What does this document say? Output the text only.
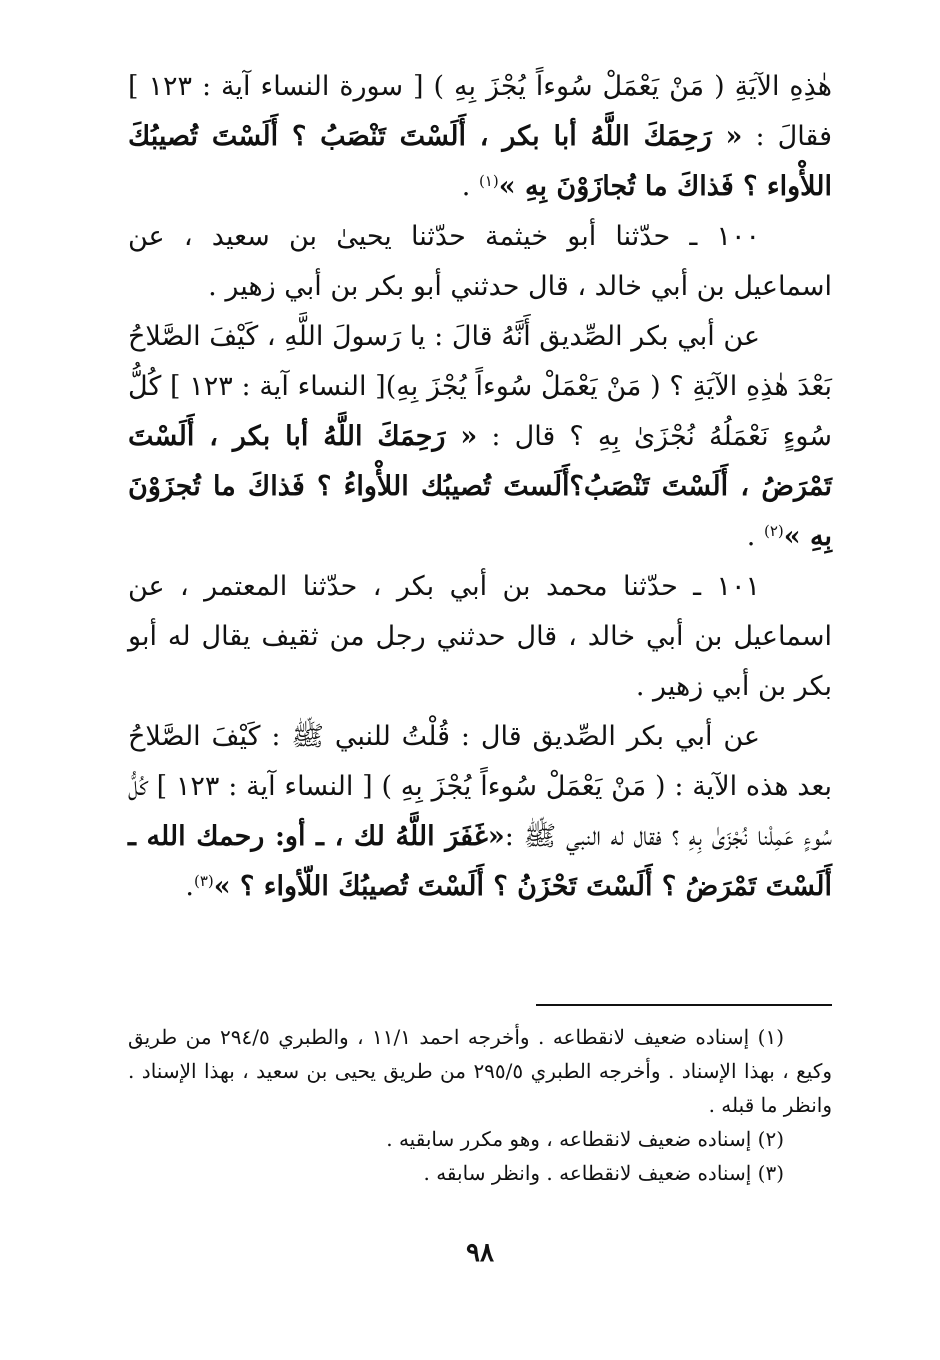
هٰذِهِ الآيَةِ ( مَنْ يَعْمَلْ سُوءاً يُجْزَ بِهِ ) [ سورة النساء آية : ١٢٣ ] فقالَ : « رَحِمَكَ اللَّهُ أبا بكر ، أَلَسْتَ تَنْصَبُ ؟ أَلَسْتَ تُصيبُكَ اللأْواء ؟ فَذاكَ ما تُجازَوْنَ بِهِ »$^{(١)}$ .

١٠٠ ـ حدّثنا أبو خيثمة حدّثنا يحيىٰ بن سعيد ، عن اسماعيل بن أبي خالد ، قال حدثني أبو بكر بن أبي زهير .

عن أبي بكر الصِّديق أَنَّهُ قالَ : يا رَسولَ اللَّهِ ، كَيْفَ الصَّلاحُ بَعْدَ هٰذِهِ الآيَةِ ؟ ( مَنْ يَعْمَلْ سُوءاً يُجْزَ بِهِ)[ النساء آية : ١٢٣ ] كُلُّ سُوءٍ نَعْمَلُهُ نُجْزَىٰ بِهِ ؟ قال : « رَحِمَكَ اللَّهُ أبا بكر ، أَلَسْتَ تَمْرَضُ ، أَلَسْتَ تَنْصَبُ؟أَلَستَ تُصيبُك اللأْواءُ ؟ فَذاكَ ما تُجزَوْنَ بِهِ »$^{(٢)}$ .

١٠١ ـ حدّثنا محمد بن أبي بكر ، حدّثنا المعتمر ، عن اسماعيل بن أبي خالد ، قال حدثني رجل من ثقيف يقال له أبو بكر بن أبي زهير .

عن أبي بكر الصِّديق قال : قُلْتُ للنبي ﷺ : كَيْفَ الصَّلاحُ بعد هذه الآية : ( مَنْ يَعْمَلْ سُوءاً يُجْزَ بِهِ ) [ النساء آية : ١٢٣ ] كُلُّ سُوءٍ عَمِلْنا نُجْزَىٰ بِهِ ؟ فقال له النبي ﷺ :«غَفَرَ اللَّهُ لك ، ـ أو: رحمك الله ـ أَلَسْتَ تَمْرَضُ ؟ أَلَسْتَ تَحْزَنُ ؟ أَلَسْتَ تُصيبُكَ اللّأواء ؟ »$^{(٣)}$.

(١) إسناده ضعيف لانقطاعه . وأخرجه احمد ١١/١ ، والطبري ٢٩٤/٥ من طريق وكيع ، بهذا الإسناد . وأخرجه الطبري ٢٩٥/٥ من طريق يحيى بن سعيد ، بهذا الإسناد . وانظر ما قبله .

(٢) إسناده ضعيف لانقطاعه ، وهو مكرر سابقيه .

(٣) إسناده ضعيف لانقطاعه . وانظر سابقه .

٩٨
